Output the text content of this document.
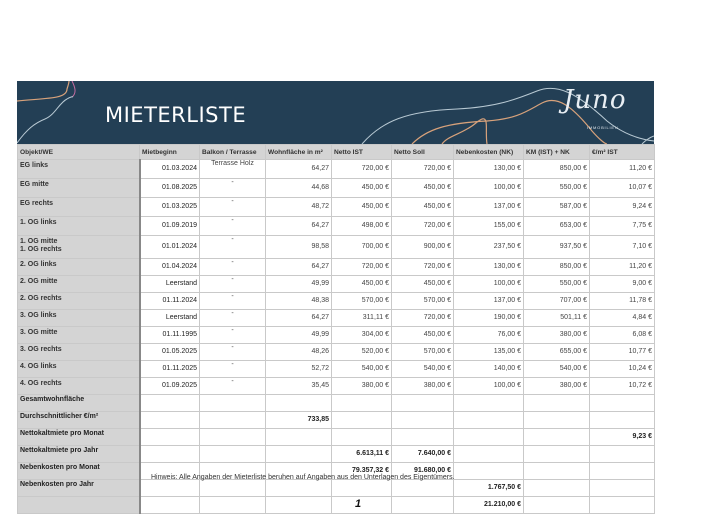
MIETERLISTE	Juno
IMMOBILIEN
Objekt/WE	Mietbeginn	Balkon / Terrasse	Wohnfläche in m²	Netto IST	Netto Soll	Nebenkosten (NK)	KM (IST) + NK	€/m² IST

EG links	01.03.2024	Terrasse Holz	64,27	720,00 €	720,00 €	130,00 €	850,00 €	11,20 €

EG mitte	01.08.2025	-	44,68	450,00 €	450,00 €	100,00 €	550,00 €	10,07 €

EG rechts	01.03.2025	-	48,72	450,00 €	450,00 €	137,00 €	587,00 €	9,24 €

1. OG links	01.09.2019	-	64,27	498,00 €	720,00 €	155,00 €	653,00 €	7,75 €

1. OG mitte
1. OG rechts	01.01.2024	-	98,58	700,00 €	900,00 €	237,50 €	937,50 €	7,10 €

2. OG links	01.04.2024	-	64,27	720,00 €	720,00 €	130,00 €	850,00 €	11,20 €

2. OG mitte	Leerstand	-	49,99	450,00 €	450,00 €	100,00 €	550,00 €	9,00 €

2. OG rechts	01.11.2024	-	48,38	570,00 €	570,00 €	137,00 €	707,00 €	11,78 €

3. OG links	Leerstand	-	64,27	311,11 €	720,00 €	190,00 €	501,11 €	4,84 €

3. OG mitte	01.11.1995	-	49,99	304,00 €	450,00 €	76,00 €	380,00 €	6,08 €

3. OG rechts	01.05.2025	-	48,26	520,00 €	570,00 €	135,00 €	655,00 €	10,77 €

4. OG links	01.11.2025	-	52,72	540,00 €	540,00 €	140,00 €	540,00 €	10,24 €

4. OG rechts	01.09.2025	-	35,45	380,00 €	380,00 €	100,00 €	380,00 €	10,72 €
Gesamtwohnfläche								
Durchschnittlicher €/m²			733,85					
Nettokaltmiete pro Monat								9,23 €
Nettokaltmiete pro Jahr				6.613,11 €	7.640,00 €			
Nebenkosten pro Monat				79.357,32 €	91.680,00 €			
Nebenkosten pro Jahr						1.767,50 €		
						21.210,00 €		
Hinweis: Alle Angaben der Mieterliste beruhen auf Angaben aus den Unterlagen des Eigentümers.
1
